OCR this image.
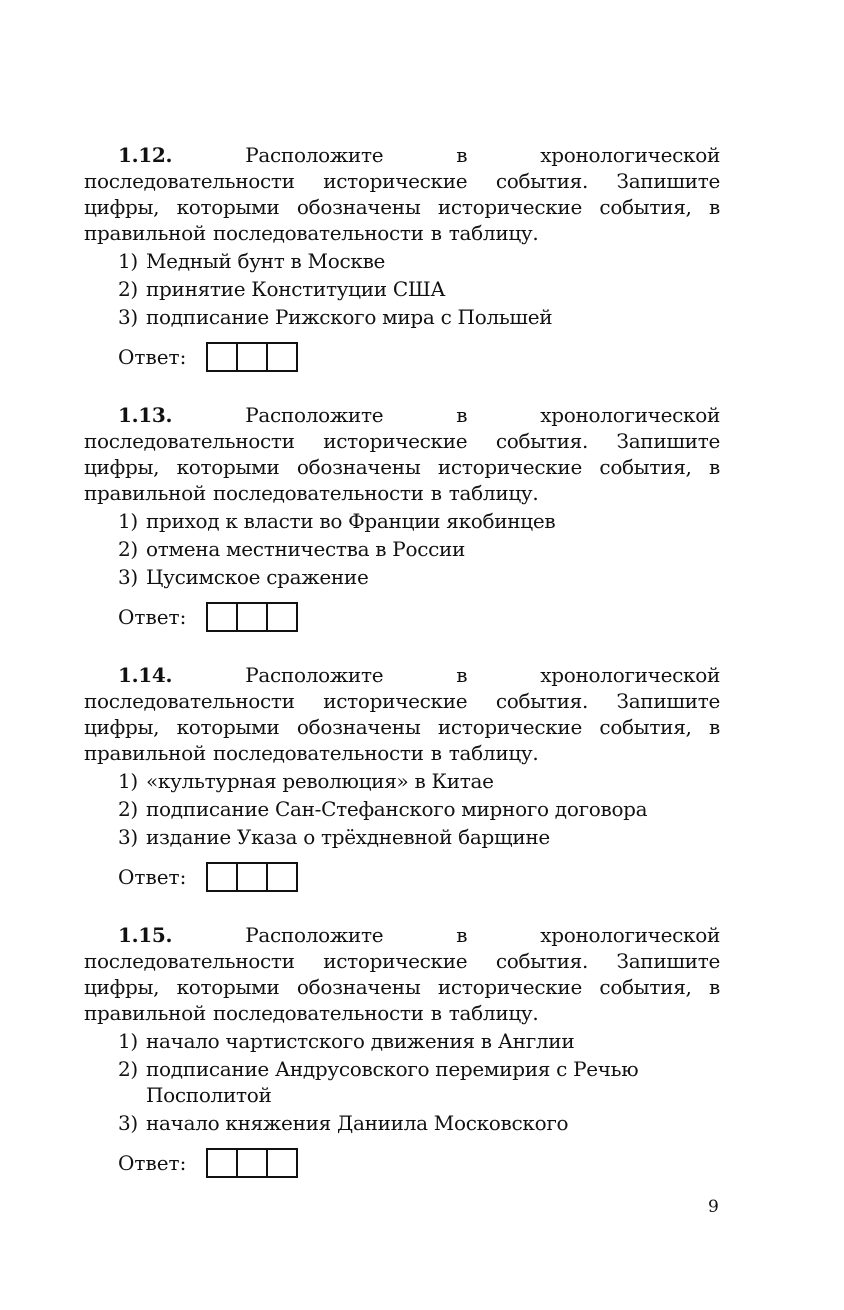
1.12.	Расположите в хронологической последовательности исторические события. Запишите цифры, которыми обозначены исторические события, в правильной последовательности в таблицу.

1) Медный бунт в Москве
2) принятие Конституции США
3) подписание Рижского мира с Польшей
Ответ:

1.13.	Расположите в хронологической последовательности исторические события. Запишите цифры, которыми обозначены исторические события, в правильной последовательности в таблицу.

1) приход к власти во Франции якобинцев
2) отмена местничества в России
3) Цусимское сражение
Ответ:

1.14.	Расположите в хронологической последовательности исторические события. Запишите цифры, которыми обозначены исторические события, в правильной последовательности в таблицу.

1) «культурная революция» в Китае
2) подписание Сан-Стефанского мирного договора
3) издание Указа о трёхдневной барщине
Ответ:

1.15.	Расположите в хронологической последовательности исторические события. Запишите цифры, которыми обозначены исторические события, в правильной последовательности в таблицу.

1) начало чартистского движения в Англии
2) подписание Андрусовского перемирия с Речью Посполитой
3) начало княжения Даниила Московского
Ответ:
9
